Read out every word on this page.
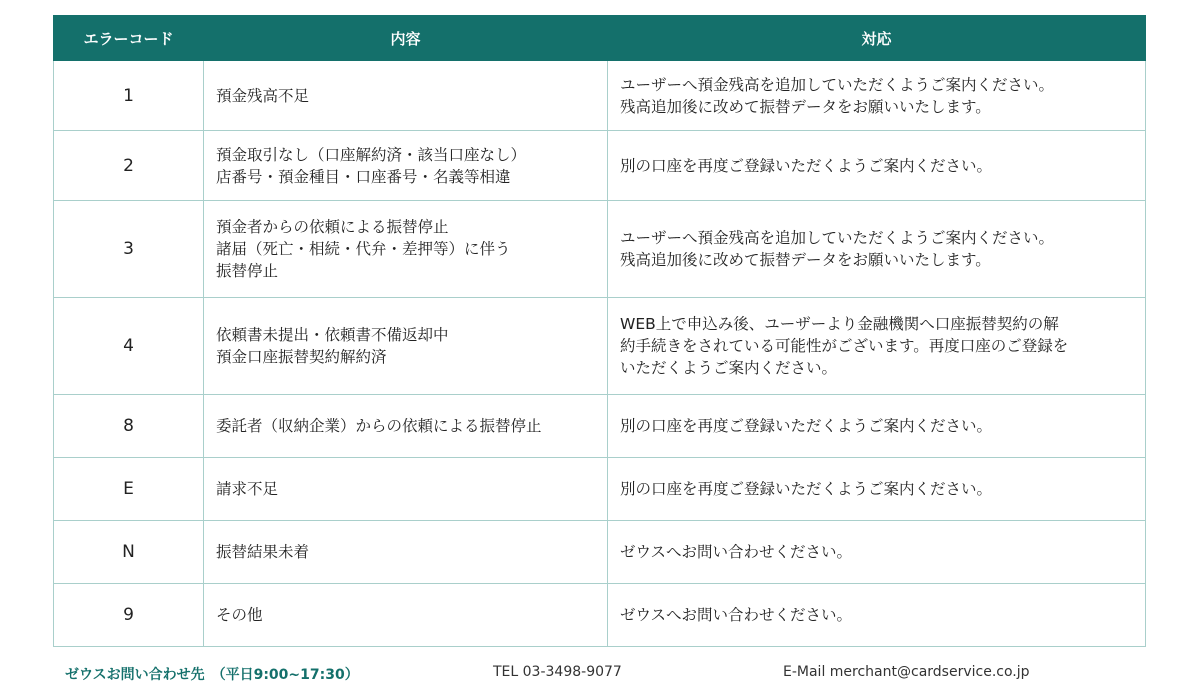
エラーコード	内容	対応
1	預金残高不足	ユーザーへ預金残高を追加していただくようご案内ください。
残高追加後に改めて振替データをお願いいたします。
2	預金取引なし（口座解約済・該当口座なし）
店番号・預金種目・口座番号・名義等相違	別の口座を再度ご登録いただくようご案内ください。
3	預金者からの依頼による振替停止
諸届（死亡・相続・代弁・差押等）に伴う
振替停止	ユーザーへ預金残高を追加していただくようご案内ください。
残高追加後に改めて振替データをお願いいたします。
4	依頼書未提出・依頼書不備返却中
預金口座振替契約解約済	WEB上で申込み後、ユーザーより金融機関へ口座振替契約の解
約手続きをされている可能性がございます。再度口座のご登録を
いただくようご案内ください。
8	委託者（収納企業）からの依頼による振替停止	別の口座を再度ご登録いただくようご案内ください。
E	請求不足	別の口座を再度ご登録いただくようご案内ください。
N	振替結果未着	ゼウスへお問い合わせください。
9	その他	ゼウスへお問い合わせください。
ゼウスお問い合わせ先　（平日9:00~17:30）	TEL 03-3498-9077	E-Mail merchant@cardservice.co.jp
